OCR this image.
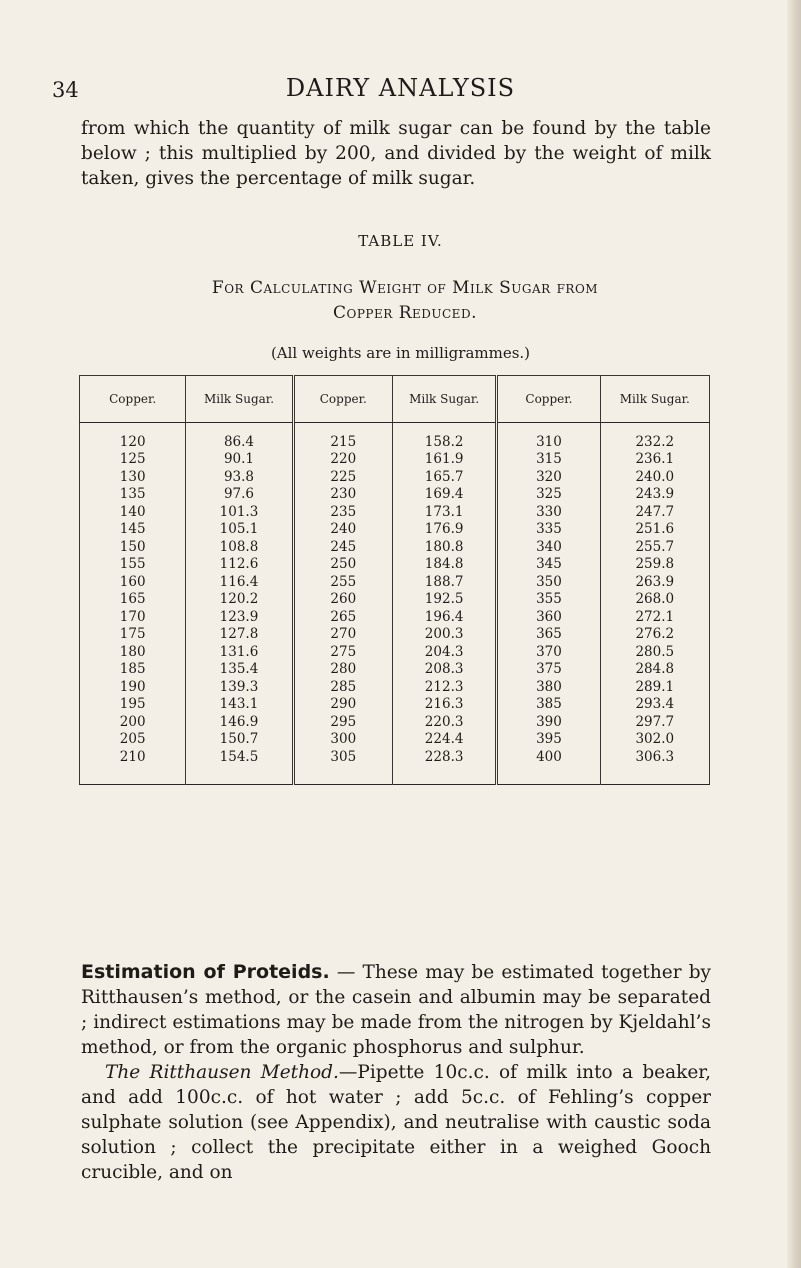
34	DAIRY ANALYSIS
from which the quantity of milk sugar can be found by the table below ; this multiplied by 200, and divided by the weight of milk taken, gives the percentage of milk sugar.
TABLE IV.
For Calculating Weight of Milk Sugar from
Copper Reduced.
(All weights are in milligrammes.)
Copper.	Milk Sugar.	Copper.	Milk Sugar.	Copper.	Milk Sugar.
120	86.4	215	158.2	310	232.2
125	90.1	220	161.9	315	236.1
130	93.8	225	165.7	320	240.0
135	97.6	230	169.4	325	243.9
140	101.3	235	173.1	330	247.7
145	105.1	240	176.9	335	251.6
150	108.8	245	180.8	340	255.7
155	112.6	250	184.8	345	259.8
160	116.4	255	188.7	350	263.9
165	120.2	260	192.5	355	268.0
170	123.9	265	196.4	360	272.1
175	127.8	270	200.3	365	276.2
180	131.6	275	204.3	370	280.5
185	135.4	280	208.3	375	284.8
190	139.3	285	212.3	380	289.1
195	143.1	290	216.3	385	293.4
200	146.9	295	220.3	390	297.7
205	150.7	300	224.4	395	302.0
210	154.5	305	228.3	400	306.3

Estimation of Proteids. — These may be estimated together by Ritthausen’s method, or the casein and albumin may be separated ; indirect estimations may be made from the nitrogen by Kjeldahl’s method, or from the organic phosphorus and sulphur.

The Ritthausen Method.—Pipette 10c.c. of milk into a beaker, and add 100c.c. of hot water ; add 5c.c. of Fehling’s copper sulphate solution (see Appendix), and neutralise with caustic soda solution ; collect the precipitate either in a weighed Gooch crucible, and on
